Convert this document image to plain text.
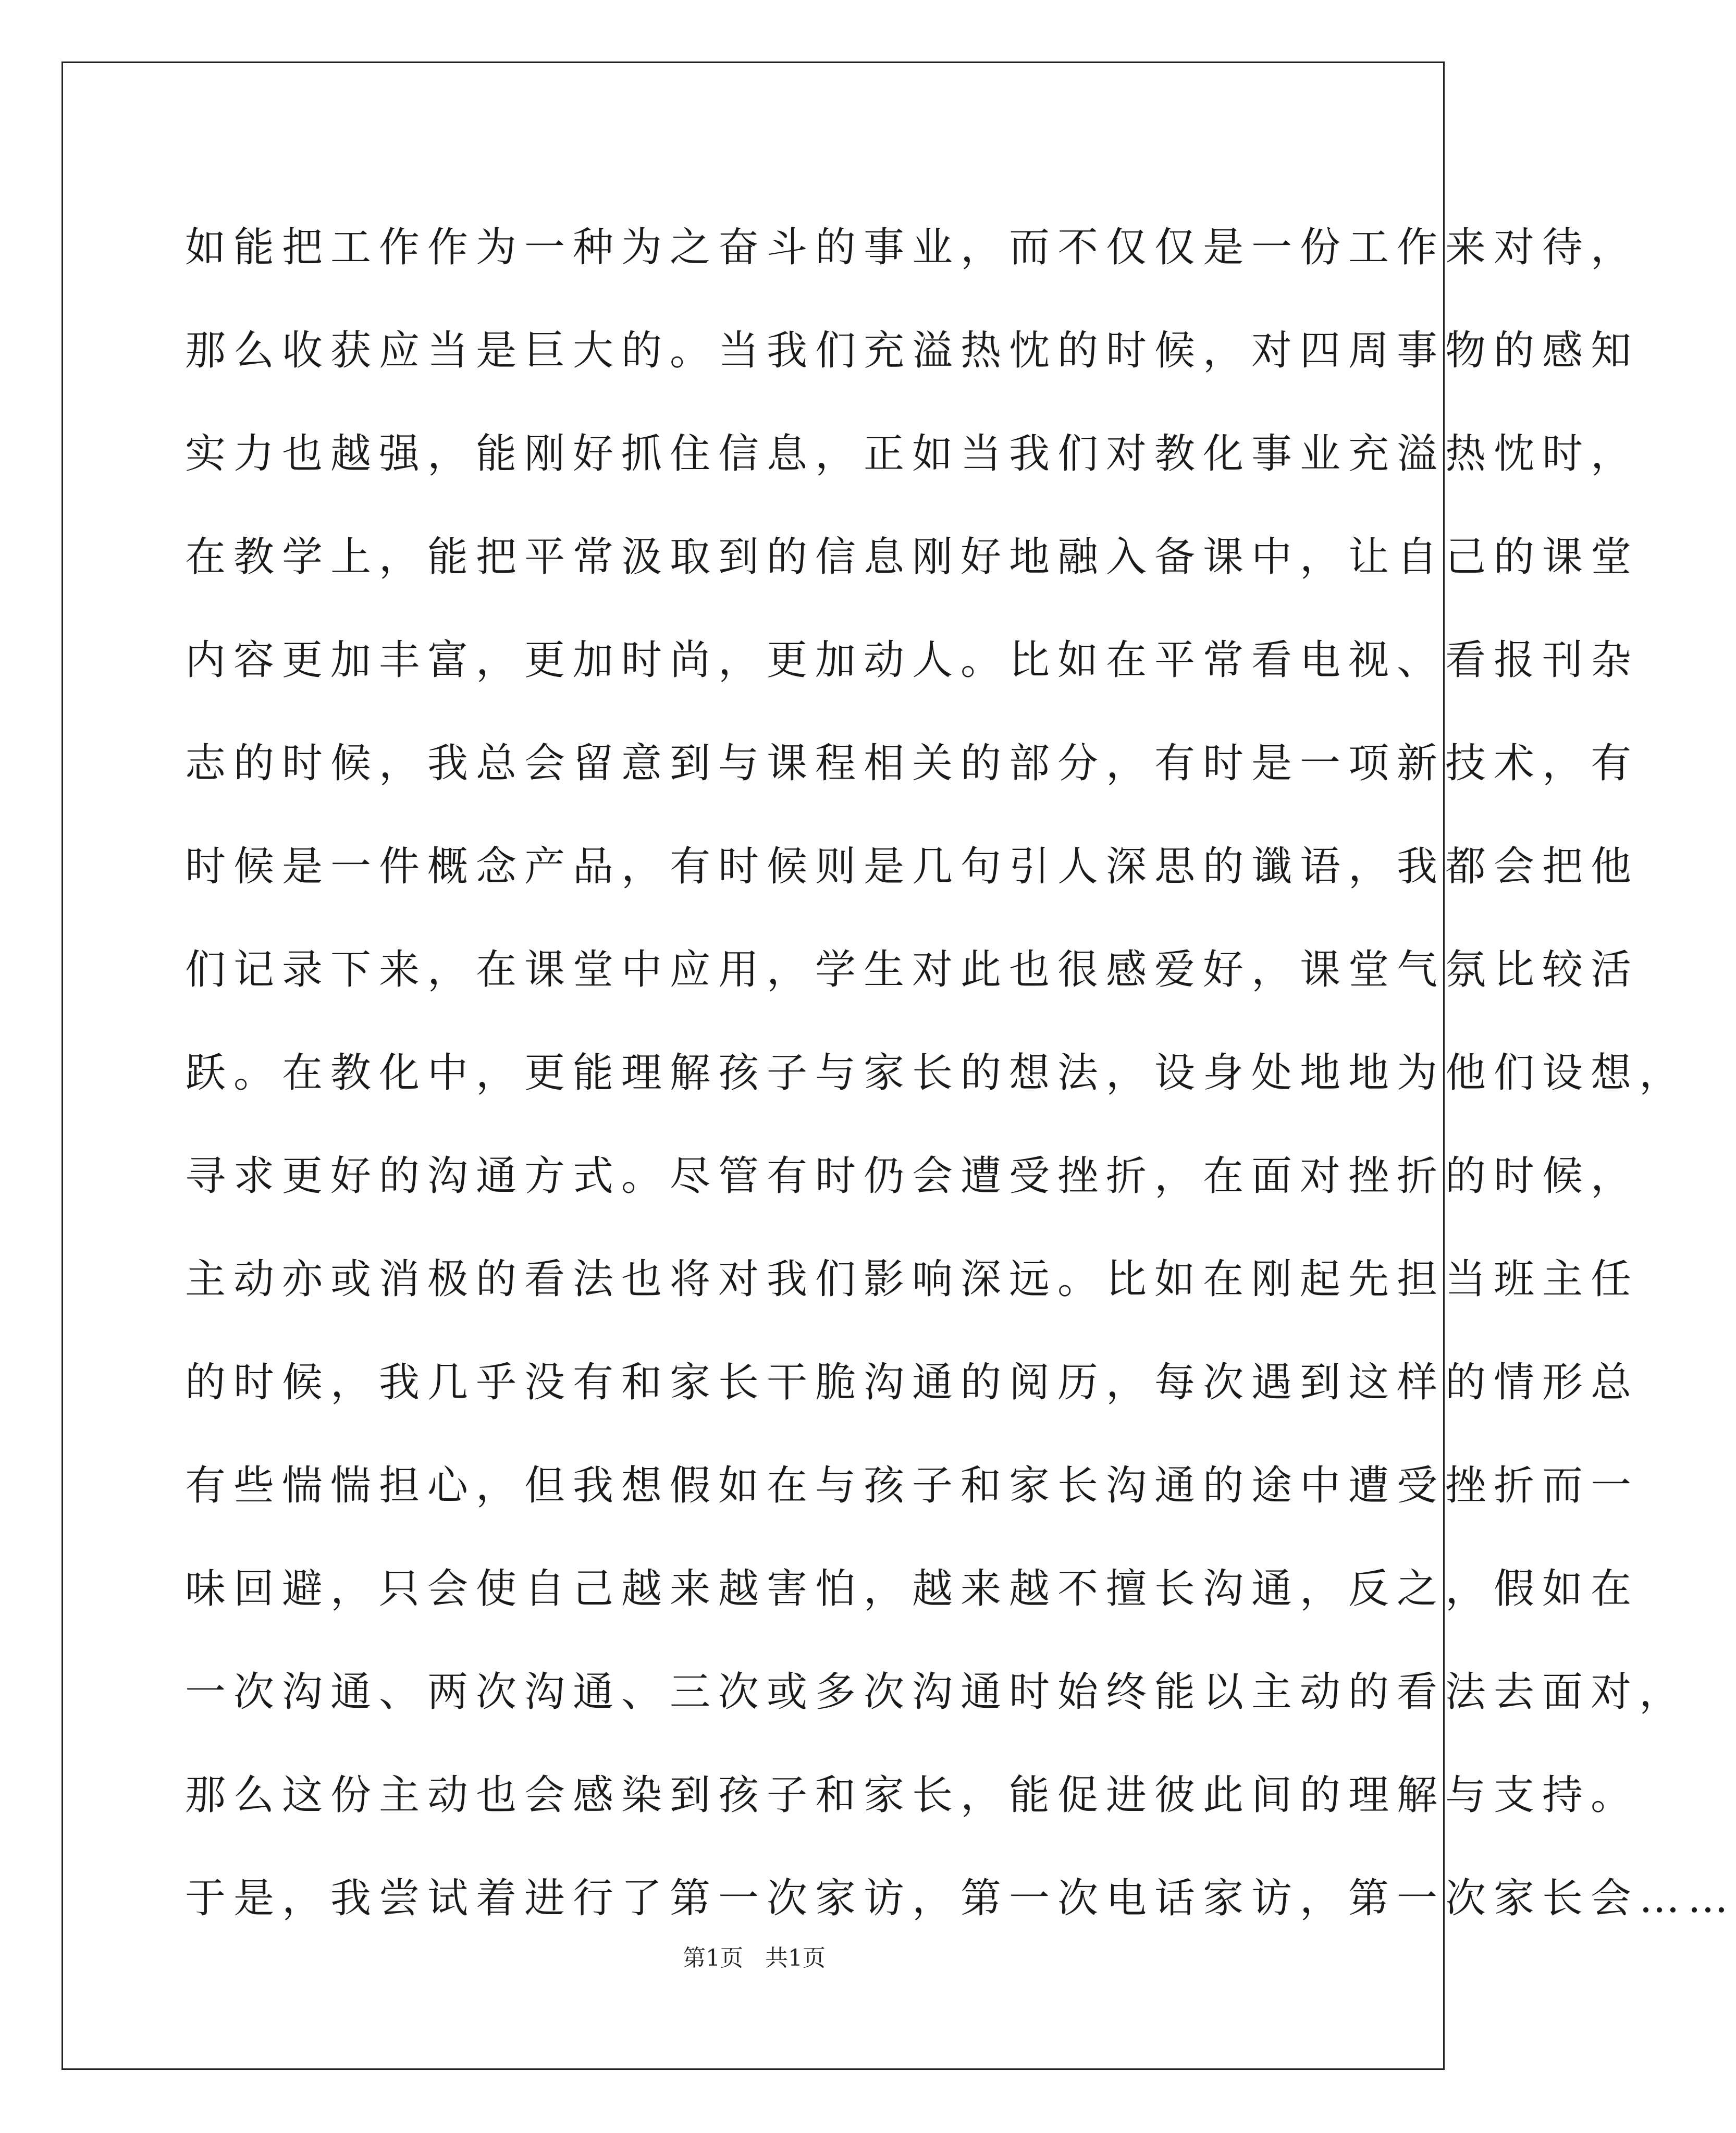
如能把工作作为一种为之奋斗的事业，而不仅仅是一份工作来对待，
那么收获应当是巨大的。当我们充溢热忱的时候，对四周事物的感知
实力也越强，能刚好抓住信息，正如当我们对教化事业充溢热忱时，
在教学上，能把平常汲取到的信息刚好地融入备课中，让自己的课堂
内容更加丰富，更加时尚，更加动人。比如在平常看电视、看报刊杂
志的时候，我总会留意到与课程相关的部分，有时是一项新技术，有
时候是一件概念产品，有时候则是几句引人深思的谶语，我都会把他
们记录下来，在课堂中应用，学生对此也很感爱好，课堂气氛比较活
跃。在教化中，更能理解孩子与家长的想法，设身处地地为他们设想，
寻求更好的沟通方式。尽管有时仍会遭受挫折，在面对挫折的时候，
主动亦或消极的看法也将对我们影响深远。比如在刚起先担当班主任
的时候，我几乎没有和家长干脆沟通的阅历，每次遇到这样的情形总
有些惴惴担心，但我想假如在与孩子和家长沟通的途中遭受挫折而一
味回避，只会使自己越来越害怕，越来越不擅长沟通，反之，假如在
一次沟通、两次沟通、三次或多次沟通时始终能以主动的看法去面对，
那么这份主动也会感染到孩子和家长，能促进彼此间的理解与支持。
于是，我尝试着进行了第一次家访，第一次电话家访，第一次家长会……
第1页   共1页
